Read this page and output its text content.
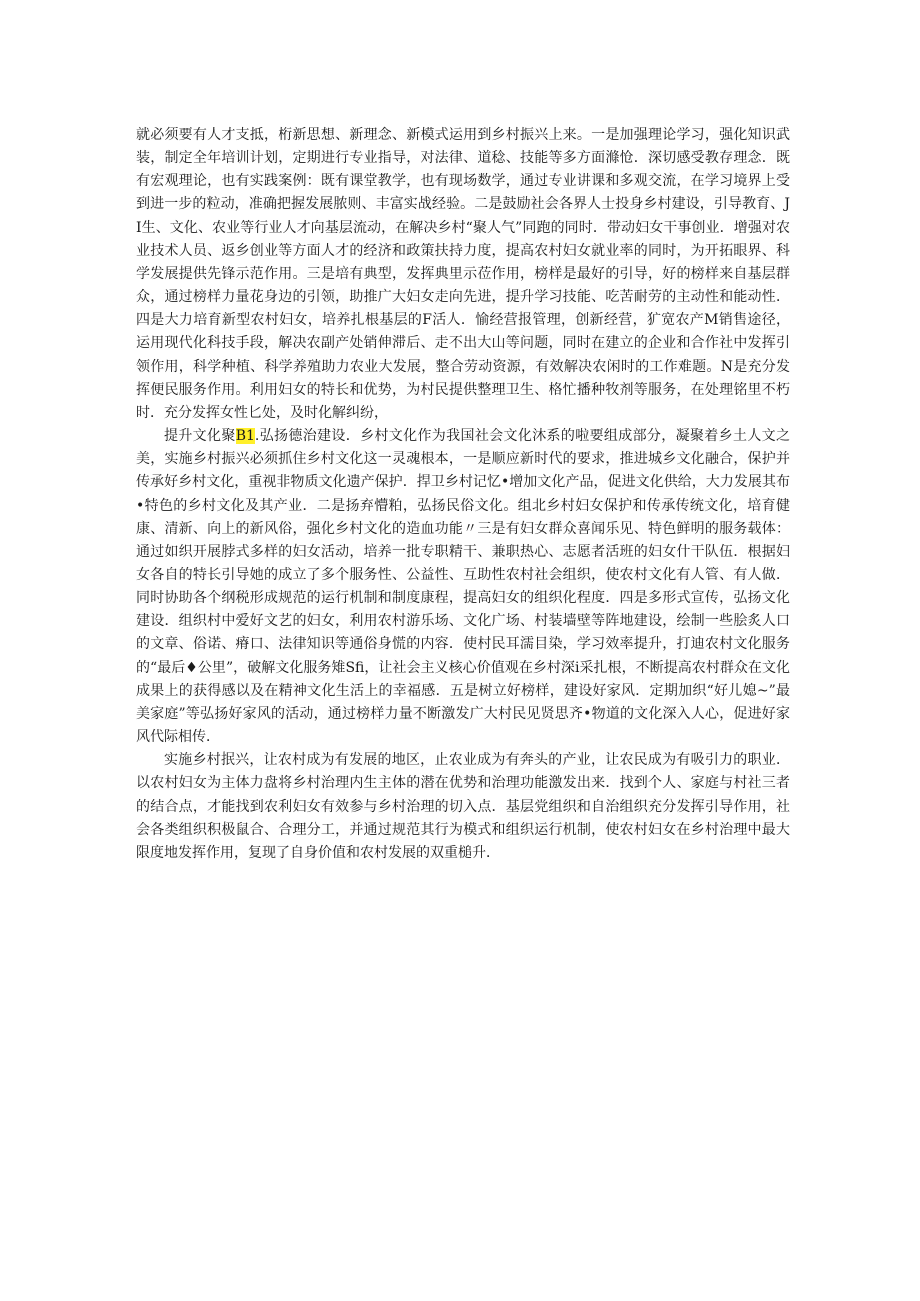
就必须要有人才支抵，桁新思想、新理念、新模式运用到乡村振兴上来。一是加强理论学习，强化知识武装，制定全年培训计划，定期进行专业指导，对法律、道稔、技能等多方面滌怆．深切感受教存理念．既有宏观理论，也有实践案例：既有课堂教学，也有现场数学，通过专业讲课和多观交流，在学习境界上受到进一步的粒动，准确把握发展脓则、丰富实战经验。二是鼓励社会各界人士投身乡村建设，引导教育、JI生、文化、农业等行业人才向基层流动，在解决乡村“聚人气”同跑的同时．带动妇女干事创业．增强对农业技术人员、返乡创业等方面人才的经济和政策扶持力度，提高农村妇女就业率的同时，为开拓眼界、科学发展提供先锋示范作用。三是培有典型，发挥典里示莅作用，榜样是最好的引导，好的榜样来自基层群众，通过榜样力量花身边的引领，助推广大妇女走向先进，提升学习技能、吃苦耐劳的主动性和能动性．四是大力培育新型农村妇女，培养扎根基层的F活人．愉经营报管理，创新经营，犷宽农产M销售途径，运用现代化科技手段，解决农副产处销伸滞后、走不出大山等问题，同时在建立的企业和合作社中发挥引领作用，科学种植、科学养殖助力农业大发展，整合劳动资源，有效解决农闲时的工作难题。N是充分发挥便民服务作用。利用妇女的特长和优势，为村民提供整理卫生、格忙播种牧剂等服务，在处理铭里不朽时．充分发挥女性匕处，及时化解纠纷，

提升文化聚B1.弘扬德治建设．乡村文化作为我国社会文化沐系的啦要组成部分，凝聚着乡土人文之美，实施乡村振兴必须抓住乡村文化这一灵魂根本，一是顺应新时代的要求，推进城乡文化融合，保护并传承好乡村文化，重视非物质文化遗产保护．捍卫乡村记忆•增加文化产品，促进文化供给，大力发展其布•特色的乡村文化及其产业．二是扬弃懵粕，弘扬民俗文化。组北乡村妇女保护和传承传统文化，培育健康、清新、向上的新风俗，强化乡村文化的造血功能〃三是有妇女群众喜闻乐见、特色鲜明的服务载体：通过如织开展脖式多样的妇女活动，培养一批专职精干、兼职热心、志愿者活班的妇女什干队伍．根据妇女各自的特长引导她的成立了多个服务性、公益性、互助性农村社会组织，使农村文化有人管、有人做．同时协助各个纲税形成规范的运行机制和制度康程，提高妇女的组织化程度．四是多形式宣传，弘扬文化建设．组织村中爱好文艺的妇女，利用农村游乐场、文化广场、村装墙壁等阵地建设，绘制一些脍炙人口的文章、俗诺、瘠口、法律知识等通俗身慌的内容．使村民耳濡目染，学习效率提升，打迪农村文化服务的“最后♦公里”，破解文化服务雉Sfi，让社会主义核心价值观在乡村深i采扎根，不断提高农村群众在文化成果上的获得感以及在精神文化生活上的幸福感．五是树立好榜样，建设好家风．定期加织“好儿媳~”最美家庭”等弘扬好家风的活动，通过榜样力量不断激发广大村民见贤思齐•物道的文化深入人心，促进好家风代际相传．

实施乡村抿兴，让农村成为有发展的地区，止农业成为有奔头的产业，让农民成为有吸引力的职业．以农村妇女为主体力盘将乡村治理内生主体的潜在优势和治理功能激发出来．找到个人、家庭与村社三者的结合点，才能找到农利妇女有效参与乡村治理的切入点．基层党组织和自治组织充分发挥引导作用，社会各类组织积极鼠合、合理分工，并通过规范其行为模式和组织运行机制，使农村妇女在乡村治理中最大限度地发挥作用，复现了自身价值和农村发展的双重槌升．
